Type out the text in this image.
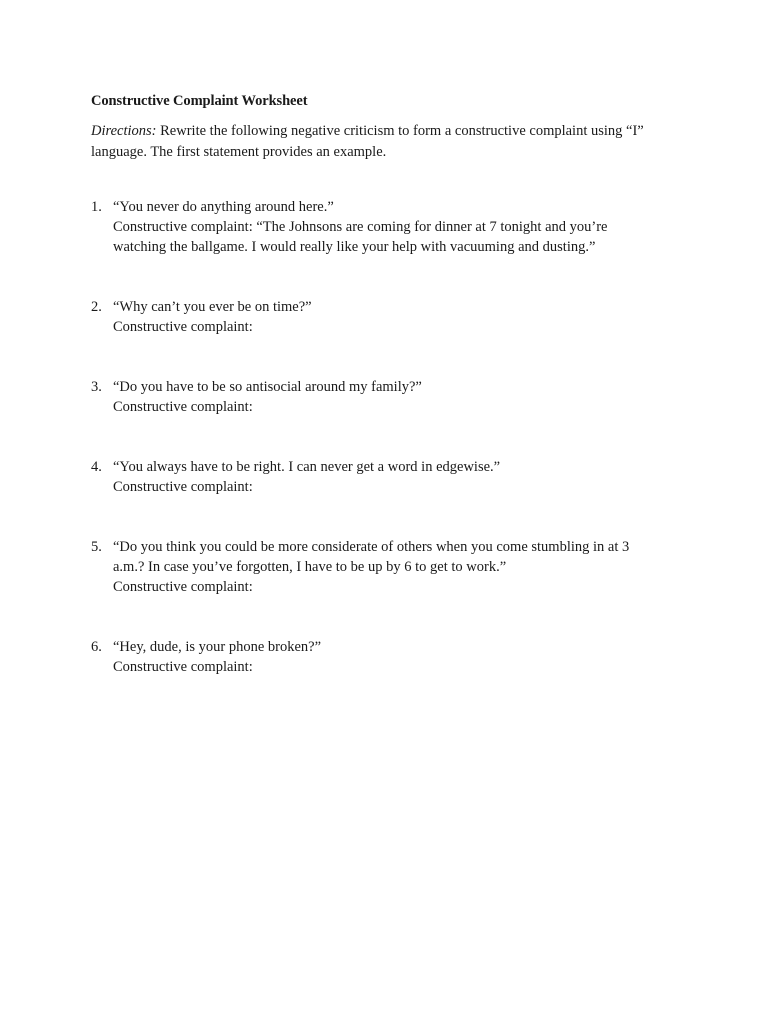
Constructive Complaint Worksheet
Directions: Rewrite the following negative criticism to form a constructive complaint using “I” language. The first statement provides an example.
1. “You never do anything around here.”
Constructive complaint: “The Johnsons are coming for dinner at 7 tonight and you’re
watching the ballgame. I would really like your help with vacuuming and dusting.”
2. “Why can’t you ever be on time?”
Constructive complaint:
3. “Do you have to be so antisocial around my family?”
Constructive complaint:
4. “You always have to be right. I can never get a word in edgewise.”
Constructive complaint:
5. “Do you think you could be more considerate of others when you come stumbling in at 3
a.m.? In case you’ve forgotten, I have to be up by 6 to get to work.”
Constructive complaint:
6. “Hey, dude, is your phone broken?”
Constructive complaint:
